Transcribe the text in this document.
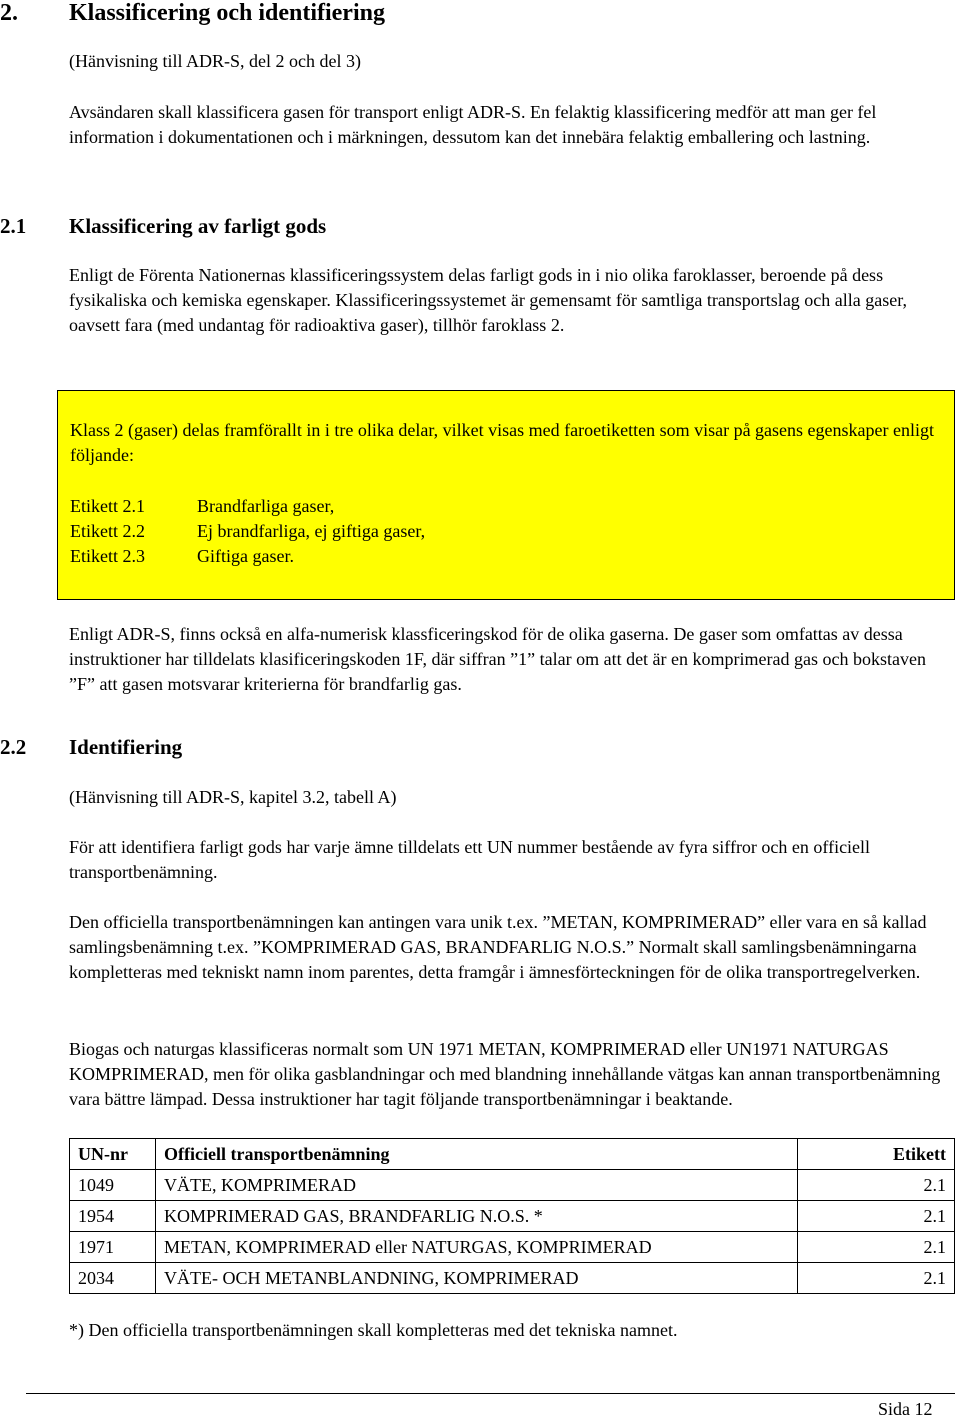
2. Klassificering och identifiering
(Hänvisning till ADR-S, del 2 och del 3)

Avsändaren skall klassificera gasen för transport enligt ADR-S. En felaktig klassificering medför att man ger fel information i dokumentationen och i märkningen, dessutom kan det innebära felaktig emballering och lastning.

2.1 Klassificering av farligt gods

Enligt de Förenta Nationernas klassificeringssystem delas farligt gods in i nio olika faroklasser, beroende på dess fysikaliska och kemiska egenskaper. Klassificeringssystemet är gemensamt för samtliga transportslag och alla gaser, oavsett fara (med undantag för radioaktiva gaser), tillhör faroklass 2.

Klass 2 (gaser) delas framförallt in i tre olika delar, vilket visas med faroetiketten som visar på gasens egenskaper enligt följande:

Etikett 2.1	Brandfarliga gaser,
Etikett 2.2	Ej brandfarliga, ej giftiga gaser,
Etikett 2.3	Giftiga gaser.

Enligt ADR-S, finns också en alfa-numerisk klassficeringskod för de olika gaserna. De gaser som omfattas av dessa instruktioner har tilldelats klasificeringskoden 1F, där siffran ”1” talar om att det är en komprimerad gas och bokstaven ”F” att gasen motsvarar kriterierna för brandfarlig gas.

2.2 Identifiering
(Hänvisning till ADR-S, kapitel 3.2, tabell A)

För att identifiera farligt gods har varje ämne tilldelats ett UN nummer bestående av fyra siffror och en officiell transportbenämning.

Den officiella transportbenämningen kan antingen vara unik t.ex. ”METAN, KOMPRIMERAD” eller vara en så kallad samlingsbenämning t.ex. ”KOMPRIMERAD GAS, BRANDFARLIG N.O.S.” Normalt skall samlingsbenämningarna kompletteras med tekniskt namn inom parentes, detta framgår i ämnesförteckningen för de olika transportregelverken.

Biogas och naturgas klassificeras normalt som UN 1971 METAN, KOMPRIMERAD eller UN1971 NATURGAS KOMPRIMERAD, men för olika gasblandningar och med blandning innehållande vätgas kan annan transportbenämning vara bättre lämpad. Dessa instruktioner har tagit följande transportbenämningar i beaktande.

UN-nr	Officiell transportbenämning	Etikett
1049	VÄTE, KOMPRIMERAD	2.1
1954	KOMPRIMERAD GAS, BRANDFARLIG N.O.S. *	2.1
1971	METAN, KOMPRIMERAD eller NATURGAS, KOMPRIMERAD	2.1
2034	VÄTE- OCH METANBLANDNING, KOMPRIMERAD	2.1
*) Den officiella transportbenämningen skall kompletteras med det tekniska namnet.
Sida 12
